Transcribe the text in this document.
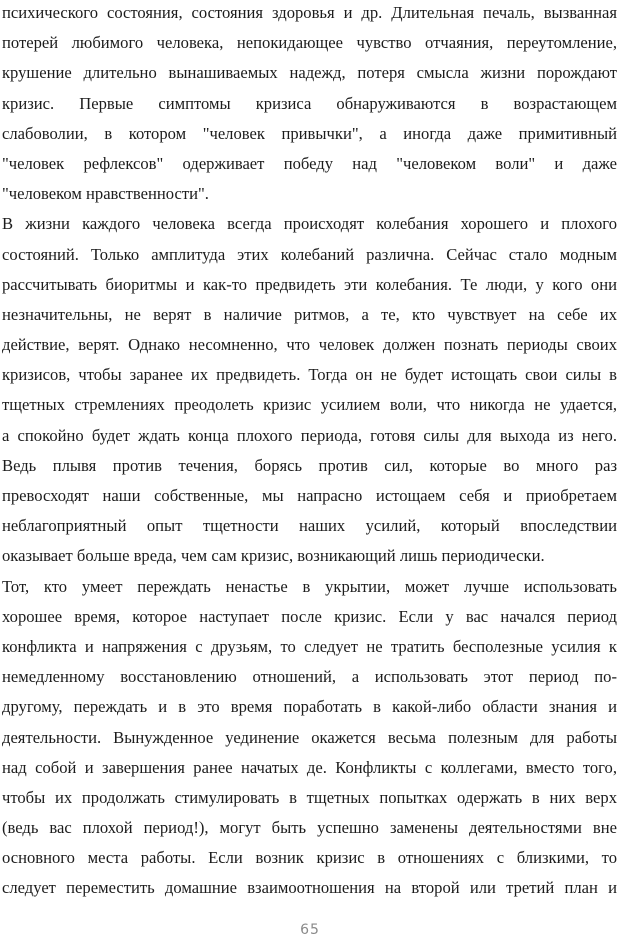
психического состояния, состояния здоровья и др. Длительная печаль, вызванная
потерей любимого человека, непокидающее чувство отчаяния, переутомление,
крушение длительно вынашиваемых надежд, потеря смысла жизни порождают
кризис. Первые симптомы кризиса обнаруживаются в возрастающем
слабоволии, в котором "человек привычки", а иногда даже примитивный
"человек рефлексов" одерживает победу над "человеком воли" и даже
"человеком нравственности".
В жизни каждого человека всегда происходят колебания хорошего и плохого
состояний. Только амплитуда этих колебаний различна. Сейчас стало модным
рассчитывать биоритмы и как-то предвидеть эти колебания. Те люди, у кого они
незначительны, не верят в наличие ритмов, а те, кто чувствует на себе их
действие, верят. Однако несомненно, что человек должен познать периоды своих
кризисов, чтобы заранее их предвидеть. Тогда он не будет истощать свои силы в
тщетных стремлениях преодолеть кризис усилием воли, что никогда не удается,
а спокойно будет ждать конца плохого периода, готовя силы для выхода из него.
Ведь плывя против течения, борясь против сил, которые во много раз
превосходят наши собственные, мы напрасно истощаем себя и приобретаем
неблагоприятный опыт тщетности наших усилий, который впоследствии
оказывает больше вреда, чем сам кризис, возникающий лишь периодически.
Тот, кто умеет переждать ненастье в укрытии, может лучше использовать
хорошее время, которое наступает после кризис. Если у вас начался период
конфликта и напряжения с друзьям, то следует не тратить бесполезные усилия к
немедленному восстановлению отношений, а использовать этот период по-
другому, переждать и в это время поработать в какой-либо области знания и
деятельности. Вынужденное уединение окажется весьма полезным для работы
над собой и завершения ранее начатых де. Конфликты с коллегами, вместо того,
чтобы их продолжать стимулировать в тщетных попытках одержать в них верх
(ведь вас плохой период!), могут быть успешно заменены деятельностями вне
основного места работы. Если возник кризис в отношениях с близкими, то
следует переместить домашние взаимоотношения на второй или третий план и
65
